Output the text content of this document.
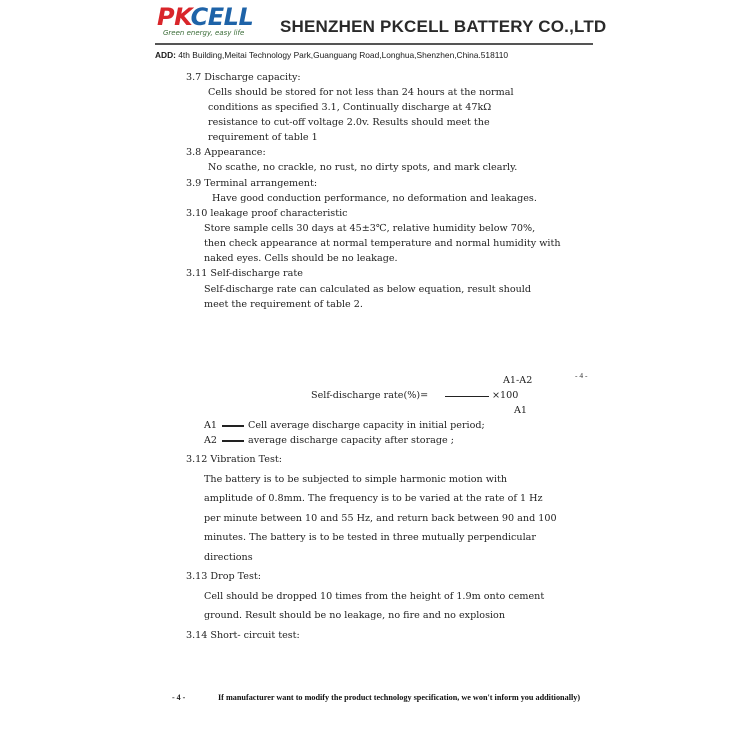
PKCELL
Green energy, easy life SHENZHEN PKCELL BATTERY CO.,LTD
ADD: 4th Building,Meitai Technology Park,Guanguang Road,Longhua,Shenzhen,China.518110
3.7 Discharge capacity:
Cells should be stored for not less than 24 hours at the normal
conditions as specified 3.1, Continually discharge at 47kΩ
resistance to cut-off voltage 2.0v. Results should meet the
requirement of table 1
3.8 Appearance:
No scathe, no crackle, no rust, no dirty spots, and mark clearly.
3.9 Terminal arrangement:
Have good conduction performance, no deformation and leakages.
3.10 leakage proof characteristic
Store sample cells 30 days at 45±3℃, relative humidity below 70%,
then check appearance at normal temperature and normal humidity with
naked eyes. Cells should be no leakage.
3.11 Self-discharge rate
Self-discharge rate can calculated as below equation, result should
meet the requirement of table 2.
- 4 -
A1-A2
Self-discharge rate(%)=	×100
A1
A1	Cell average discharge capacity in initial period;
A2	average discharge capacity after storage ;
3.12 Vibration Test:
The battery is to be subjected to simple harmonic motion with
amplitude of 0.8mm. The frequency is to be varied at the rate of 1 Hz
per minute between 10 and 55 Hz, and return back between 90 and 100
minutes. The battery is to be tested in three mutually perpendicular
directions
3.13 Drop Test:
Cell should be dropped 10 times from the height of 1.9m onto cement
ground. Result should be no leakage, no fire and no explosion
3.14 Short- circuit test:
- 4 -	If manufacturer want to modify the product technology specification, we won't inform you additionally)
